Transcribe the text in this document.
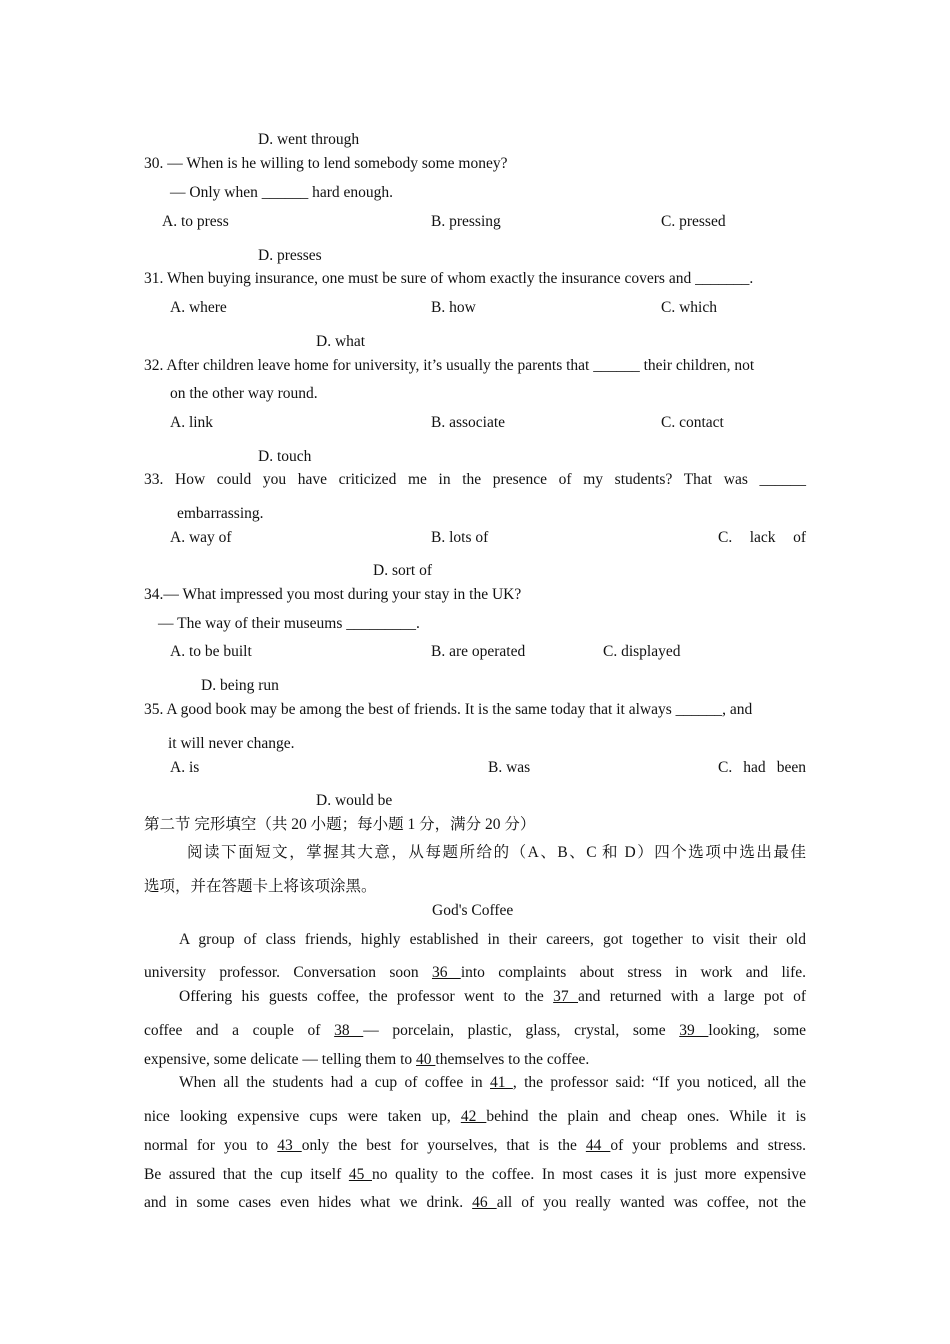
D. went through
30. — When is he willing to lend somebody some money?
— Only when ______ hard enough.
A. to press	B. pressing	C. pressed
D. presses
31. When buying insurance, one must be sure of whom exactly the insurance covers and _______.
A. where	B. how	C. which
D. what
32. After children leave home for university, it’s usually the parents that ______ their children, not
on the other way round.
A. link	B. associate	C. contact
D. touch
33. How could you have criticized me in the presence of my students? That was ______
embarrassing.
A. way of	B. lots of	C. lack of
D. sort of
34.— What impressed you most during your stay in the UK?
— The way of their museums _________.
A. to be built	B. are operated	C. displayed
D. being run
35. A good book may be among the best of friends. It is the same today that it always ______, and
it will never change.
A. is	B. was	C. had been
D. would be
第二节 完形填空（共 20 小题；每小题 1 分，满分 20 分）
阅读下面短文，掌握其大意，从每题所给的（A、B、C 和 D）四个选项中选出最佳
选项，并在答题卡上将该项涂黑。
God's Coffee
A group of class friends, highly established in their careers, got together to visit their old
university professor. Conversation soon 36 into complaints about stress in work and life.
Offering his guests coffee, the professor went to the 37 and returned with a large pot of
coffee and a couple of 38 — porcelain, plastic, glass, crystal, some 39 looking, some
expensive, some delicate — telling them to 40 themselves to the coffee.
When all the students had a cup of coffee in 41 , the professor said: “If you noticed, all the
nice looking expensive cups were taken up, 42 behind the plain and cheap ones. While it is
normal for you to 43 only the best for yourselves, that is the 44 of your problems and stress.
Be assured that the cup itself 45 no quality to the coffee. In most cases it is just more expensive
and in some cases even hides what we drink. 46 all of you really wanted was coffee, not the
